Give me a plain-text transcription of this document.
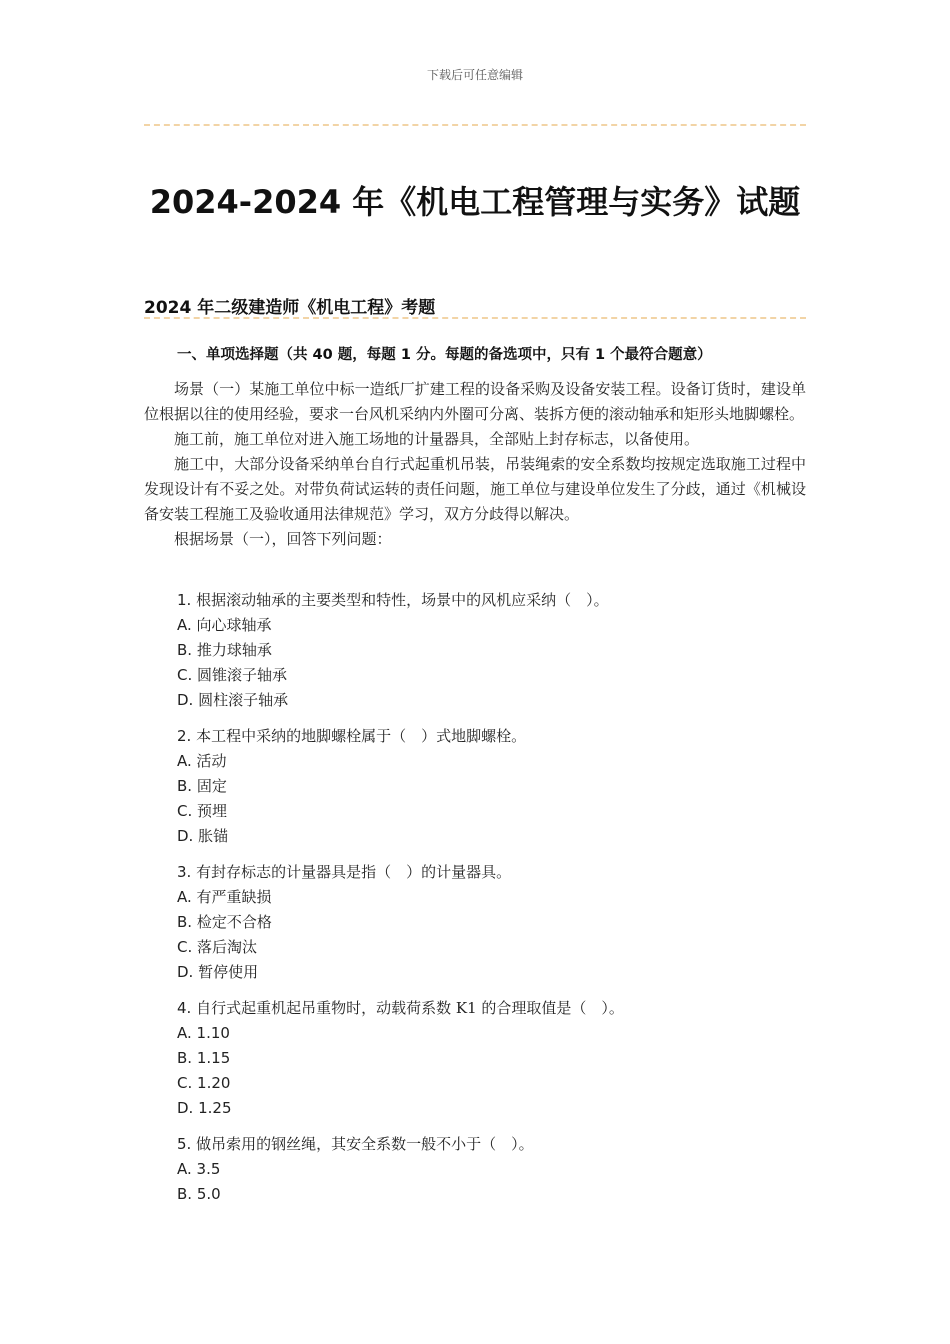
下载后可任意编辑
2024-2024 年《机电工程管理与实务》试题
2024 年二级建造师《机电工程》考题
一、单项选择题（共 40 题，每题 1 分。每题的备选项中，只有 1 个最符合题意）

场景（一）某施工单位中标一造纸厂扩建工程的设备采购及设备安装工程。设备订货时，建设单位根据以往的使用经验，要求一台风机采纳内外圈可分离、装拆方便的滚动轴承和矩形头地脚螺栓。

施工前，施工单位对进入施工场地的计量器具，全部贴上封存标志，以备使用。

施工中，大部分设备采纳单台自行式起重机吊装，吊装绳索的安全系数均按规定选取施工过程中发现设计有不妥之处。对带负荷试运转的责任问题，施工单位与建设单位发生了分歧，通过《机械设备安装工程施工及验收通用法律规范》学习，双方分歧得以解决。

根据场景（一），回答下列问题：

1. 根据滚动轴承的主要类型和特性，场景中的风机应采纳（　）。
A. 向心球轴承
B. 推力球轴承
C. 圆锥滚子轴承
D. 圆柱滚子轴承
2. 本工程中采纳的地脚螺栓属于（　）式地脚螺栓。
A. 活动
B. 固定
C. 预埋
D. 胀锚
3. 有封存标志的计量器具是指（　）的计量器具。
A. 有严重缺损
B. 检定不合格
C. 落后淘汰
D. 暂停使用
4. 自行式起重机起吊重物时，动载荷系数 K1 的合理取值是（　）。
A. 1.10
B. 1.15
C. 1.20
D. 1.25
5. 做吊索用的钢丝绳，其安全系数一般不小于（　）。
A. 3.5
B. 5.0
